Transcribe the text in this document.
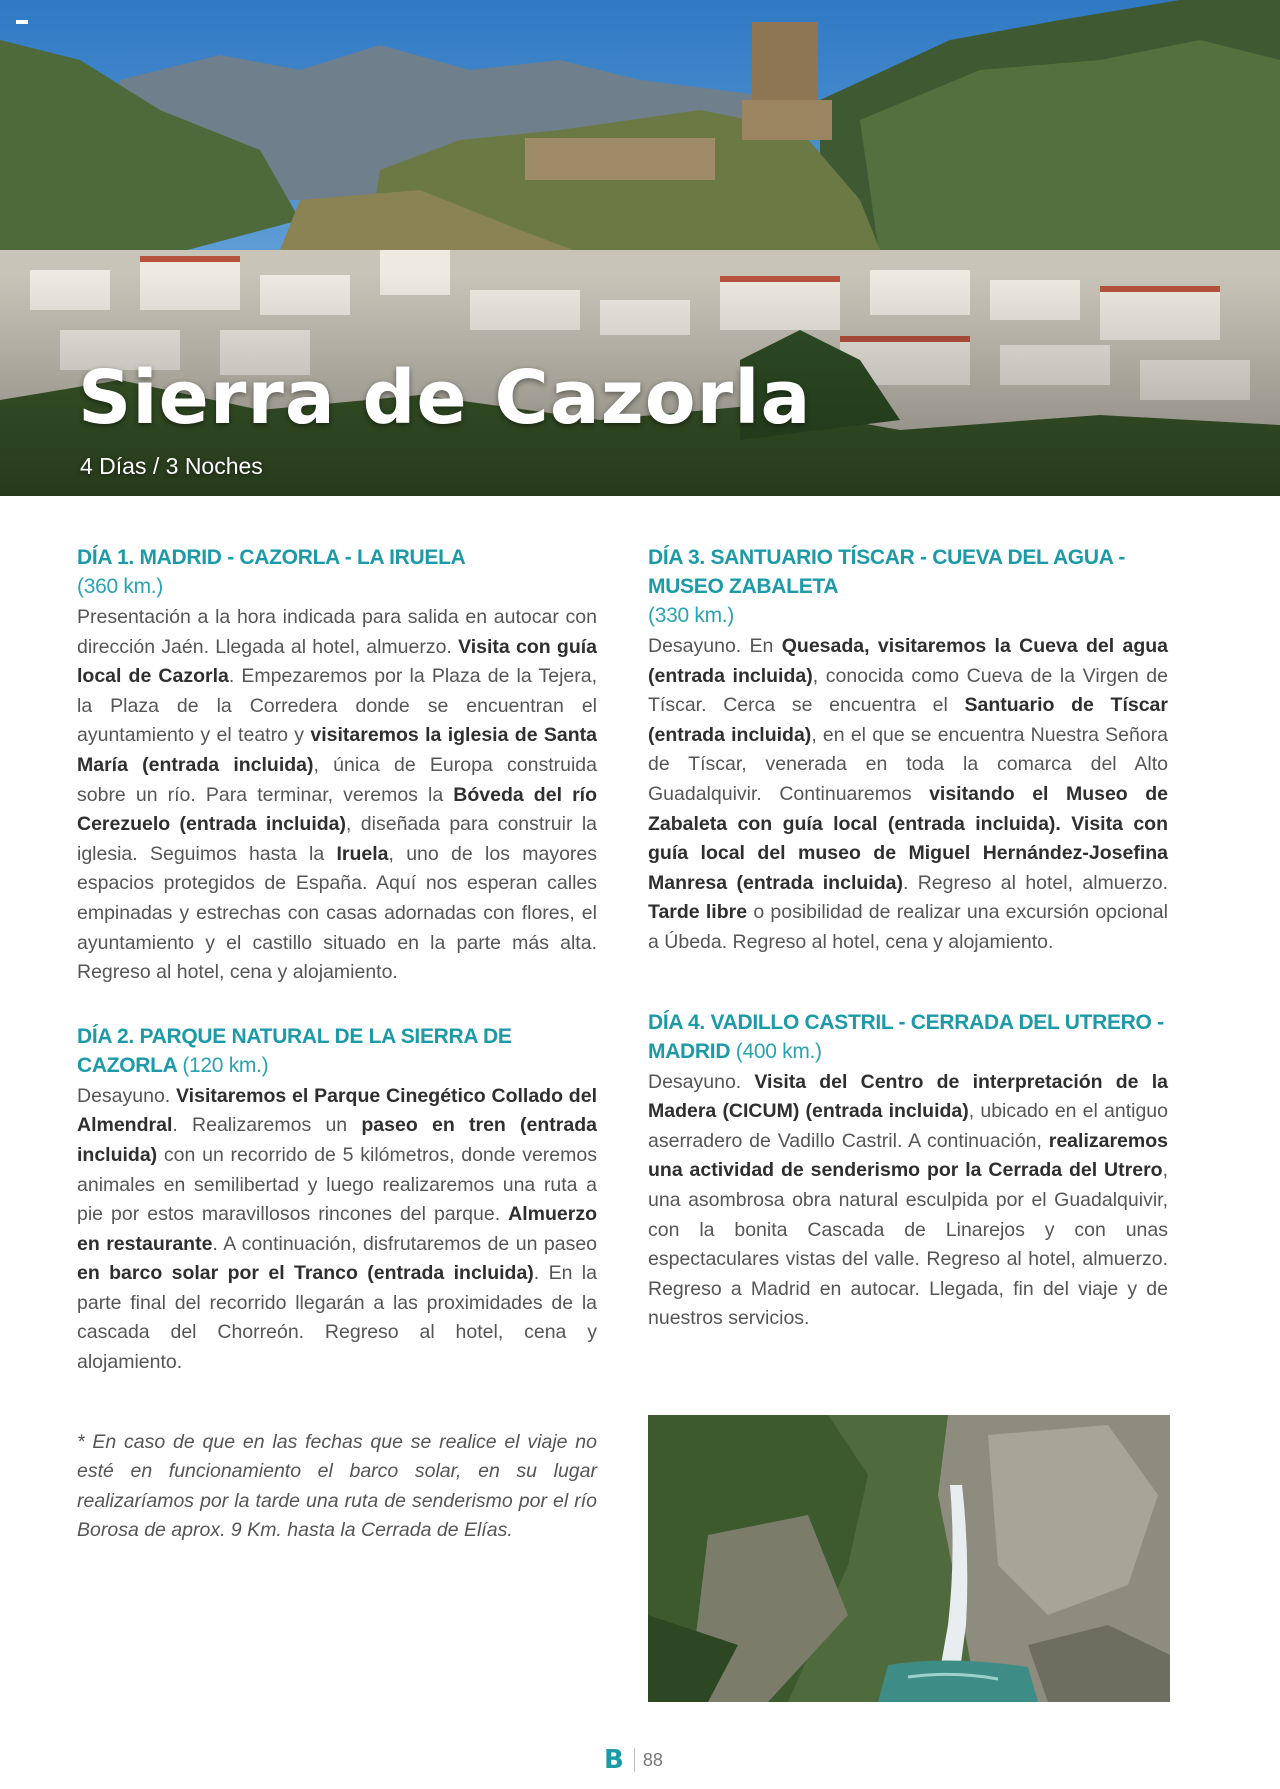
Sierra de Cazorla
4 Días / 3 Noches
DÍA 1. MADRID - CAZORLA - LA IRUELA
(360 km.)

Presentación a la hora indicada para salida en autocar con dirección Jaén. Llegada al hotel, almuerzo. Visita con guía local de Cazorla. Empezaremos por la Plaza de la Tejera, la Plaza de la Corredera donde se encuentran el ayuntamiento y el teatro y visitaremos la iglesia de Santa María (entrada incluida), única de Europa construida sobre un río. Para terminar, veremos la Bóveda del río Cerezuelo (entrada incluida), diseñada para construir la iglesia. Seguimos hasta la Iruela, uno de los mayores espacios protegidos de España. Aquí nos esperan calles empinadas y estrechas con casas adornadas con flores, el ayuntamiento y el castillo situado en la parte más alta. Regreso al hotel, cena y alojamiento.

DÍA 2. PARQUE NATURAL DE LA SIERRA DE CAZORLA (120 km.)

Desayuno. Visitaremos el Parque Cinegético Collado del Almendral. Realizaremos un paseo en tren (entrada incluida) con un recorrido de 5 kilómetros, donde veremos animales en semilibertad y luego realizaremos una ruta a pie por estos maravillosos rincones del parque. Almuerzo en restaurante. A continuación, disfrutaremos de un paseo en barco solar por el Tranco (entrada incluida). En la parte final del recorrido llegarán a las proximidades de la cascada del Chorreón. Regreso al hotel, cena y alojamiento.

* En caso de que en las fechas que se realice el viaje no esté en funcionamiento el barco solar, en su lugar realizaríamos por la tarde una ruta de senderismo por el río Borosa de aprox. 9 Km. hasta la Cerrada de Elías.

DÍA 3. SANTUARIO TÍSCAR - CUEVA DEL AGUA - MUSEO ZABALETA
(330 km.)

Desayuno. En Quesada, visitaremos la Cueva del agua (entrada incluida), conocida como Cueva de la Virgen de Tíscar. Cerca se encuentra el Santuario de Tíscar (entrada incluida), en el que se encuentra Nuestra Señora de Tíscar, venerada en toda la comarca del Alto Guadalquivir. Continuaremos visitando el Museo de Zabaleta con guía local (entrada incluida). Visita con guía local del museo de Miguel Hernández-Josefina Manresa (entrada incluida). Regreso al hotel, almuerzo. Tarde libre o posibilidad de realizar una excursión opcional a Úbeda. Regreso al hotel, cena y alojamiento.

DÍA 4. VADILLO CASTRIL - CERRADA DEL UTRERO - MADRID (400 km.)

Desayuno. Visita del Centro de interpretación de la Madera (CICUM) (entrada incluida), ubicado en el antiguo aserradero de Vadillo Castril. A continuación, realizaremos una actividad de senderismo por la Cerrada del Utrero, una asombrosa obra natural esculpida por el Guadalquivir, con la bonita Cascada de Linarejos y con unas espectaculares vistas del valle. Regreso al hotel, almuerzo. Regreso a Madrid en autocar. Llegada, fin del viaje y de nuestros servicios.

B 88
